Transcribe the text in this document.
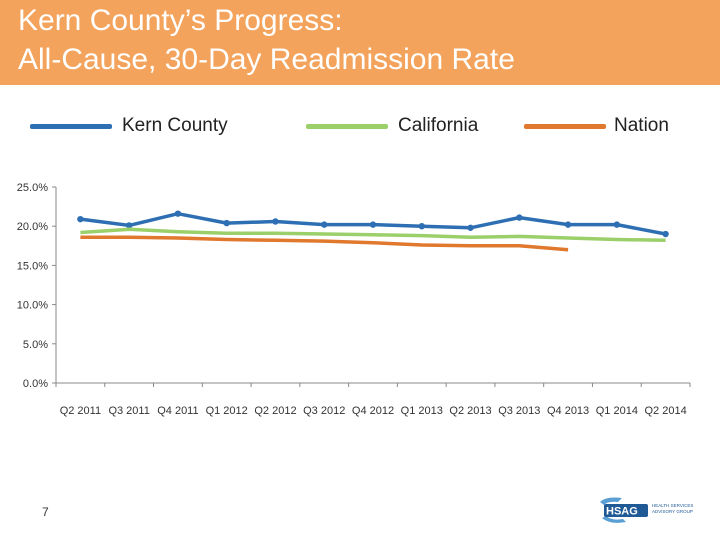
Kern County’s Progress:
All-Cause, 30-Day Readmission Rate
Kern County	California	Nation
0.0%
5.0%
10.0%
15.0%
20.0%
25.0%
Q2 2011 Q3 2011 Q4 2011 Q1 2012 Q2 2012 Q3 2012 Q4 2012 Q1 2013 Q2 2013 Q3 2013 Q4 2013 Q1 2014 Q2 2014
7	HSAG	HEALTH SERVICES
ADVISORY GROUP
